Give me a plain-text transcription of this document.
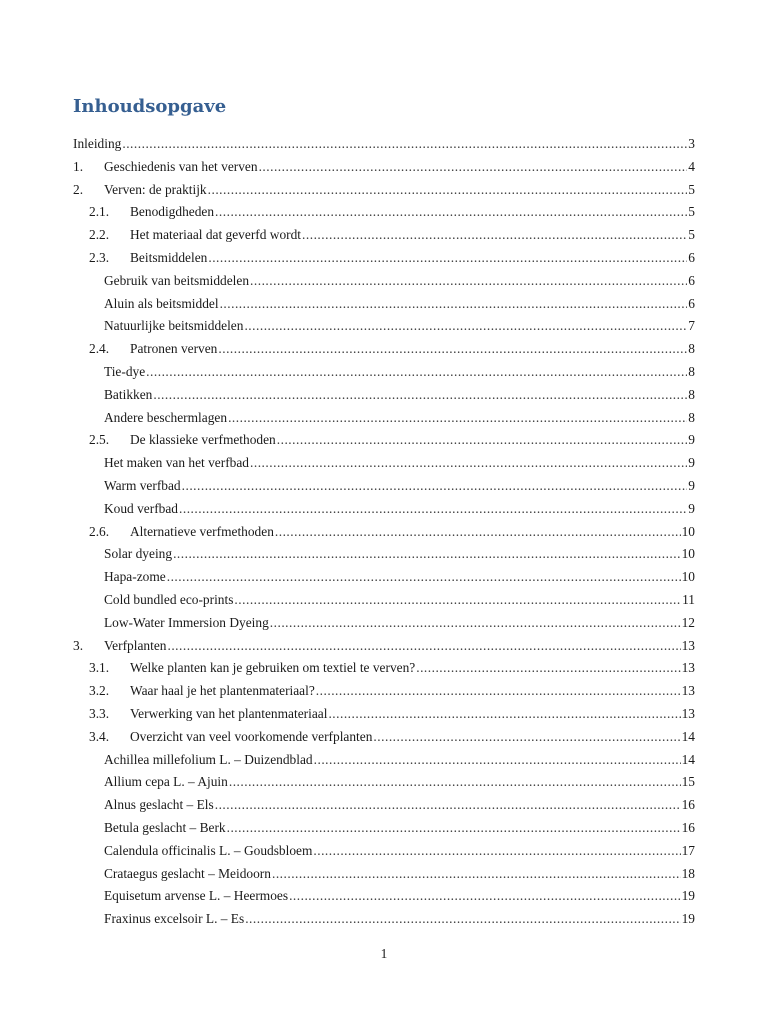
Inhoudsopgave
Inleiding .....	3
1.	Geschiedenis van het verven .....	4
2.	Verven: de praktijk .....	5
2.1.	Benodigdheden .....	5
2.2.	Het materiaal dat geverfd wordt .....	5
2.3.	Beitsmiddelen .....	6
Gebruik van beitsmiddelen .....	6
Aluin als beitsmiddel .....	6
Natuurlijke beitsmiddelen .....	7
2.4.	Patronen verven .....	8
Tie-dye .....	8
Batikken .....	8
Andere beschermlagen .....	8
2.5.	De klassieke verfmethoden .....	9
Het maken van het verfbad .....	9
Warm verfbad .....	9
Koud verfbad .....	9
2.6.	Alternatieve verfmethoden .....	10
Solar dyeing .....	10
Hapa-zome .....	10
Cold bundled eco-prints .....	11
Low-Water Immersion Dyeing .....	12
3.	Verfplanten .....	13
3.1.	Welke planten kan je gebruiken om textiel te verven? .....	13
3.2.	Waar haal je het plantenmateriaal? .....	13
3.3.	Verwerking van het plantenmateriaal .....	13
3.4.	Overzicht van veel voorkomende verfplanten .....	14
Achillea millefolium L. – Duizendblad .....	14
Allium cepa L. – Ajuin .....	15
Alnus geslacht – Els .....	16
Betula geslacht – Berk .....	16
Calendula officinalis L. – Goudsbloem .....	17
Crataegus geslacht – Meidoorn .....	18
Equisetum arvense L. – Heermoes .....	19
Fraxinus excelsoir L. – Es .....	19
1
